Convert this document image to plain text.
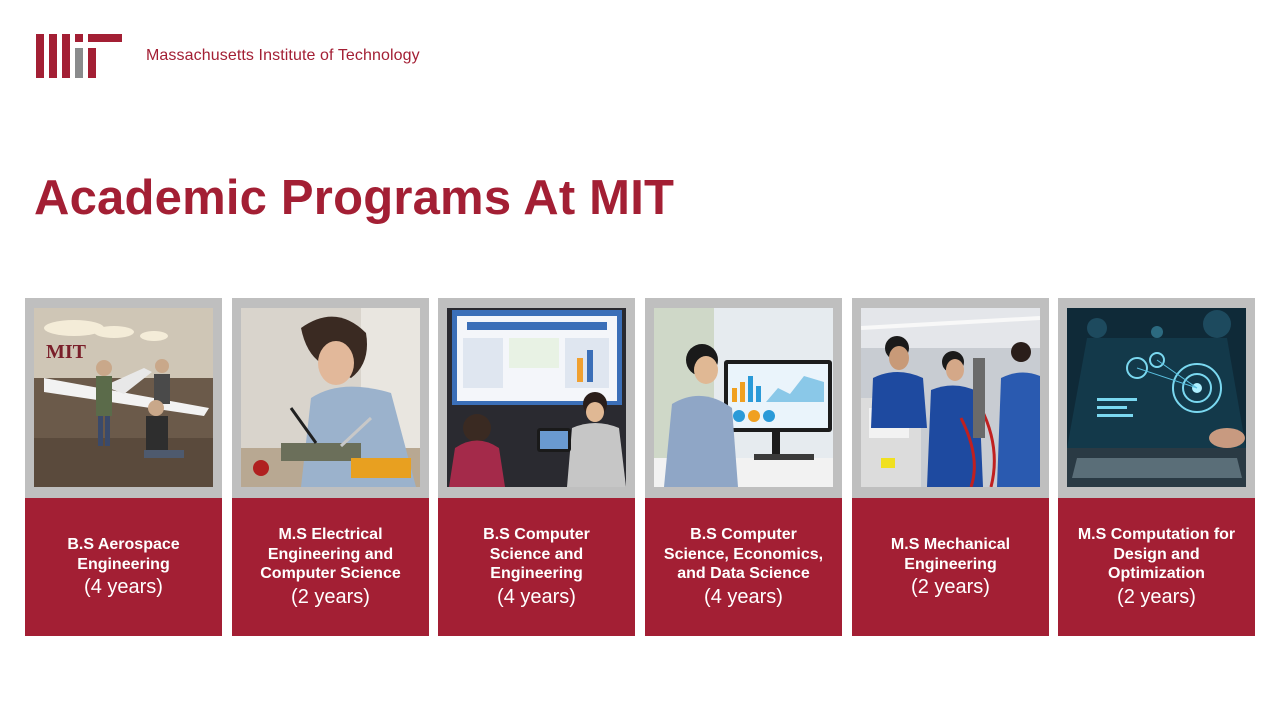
Massachusetts Institute of Technology
Academic Programs At MIT
MIT
B.S Aerospace
Engineering
(4 years)
M.S Electrical
Engineering and
Computer Science
(2 years)
B.S Computer
Science and
Engineering
(4 years)
B.S Computer
Science, Economics,
and Data Science
(4 years)
M.S Mechanical
Engineering
(2 years)
M.S Computation for
Design and
Optimization
(2 years)
